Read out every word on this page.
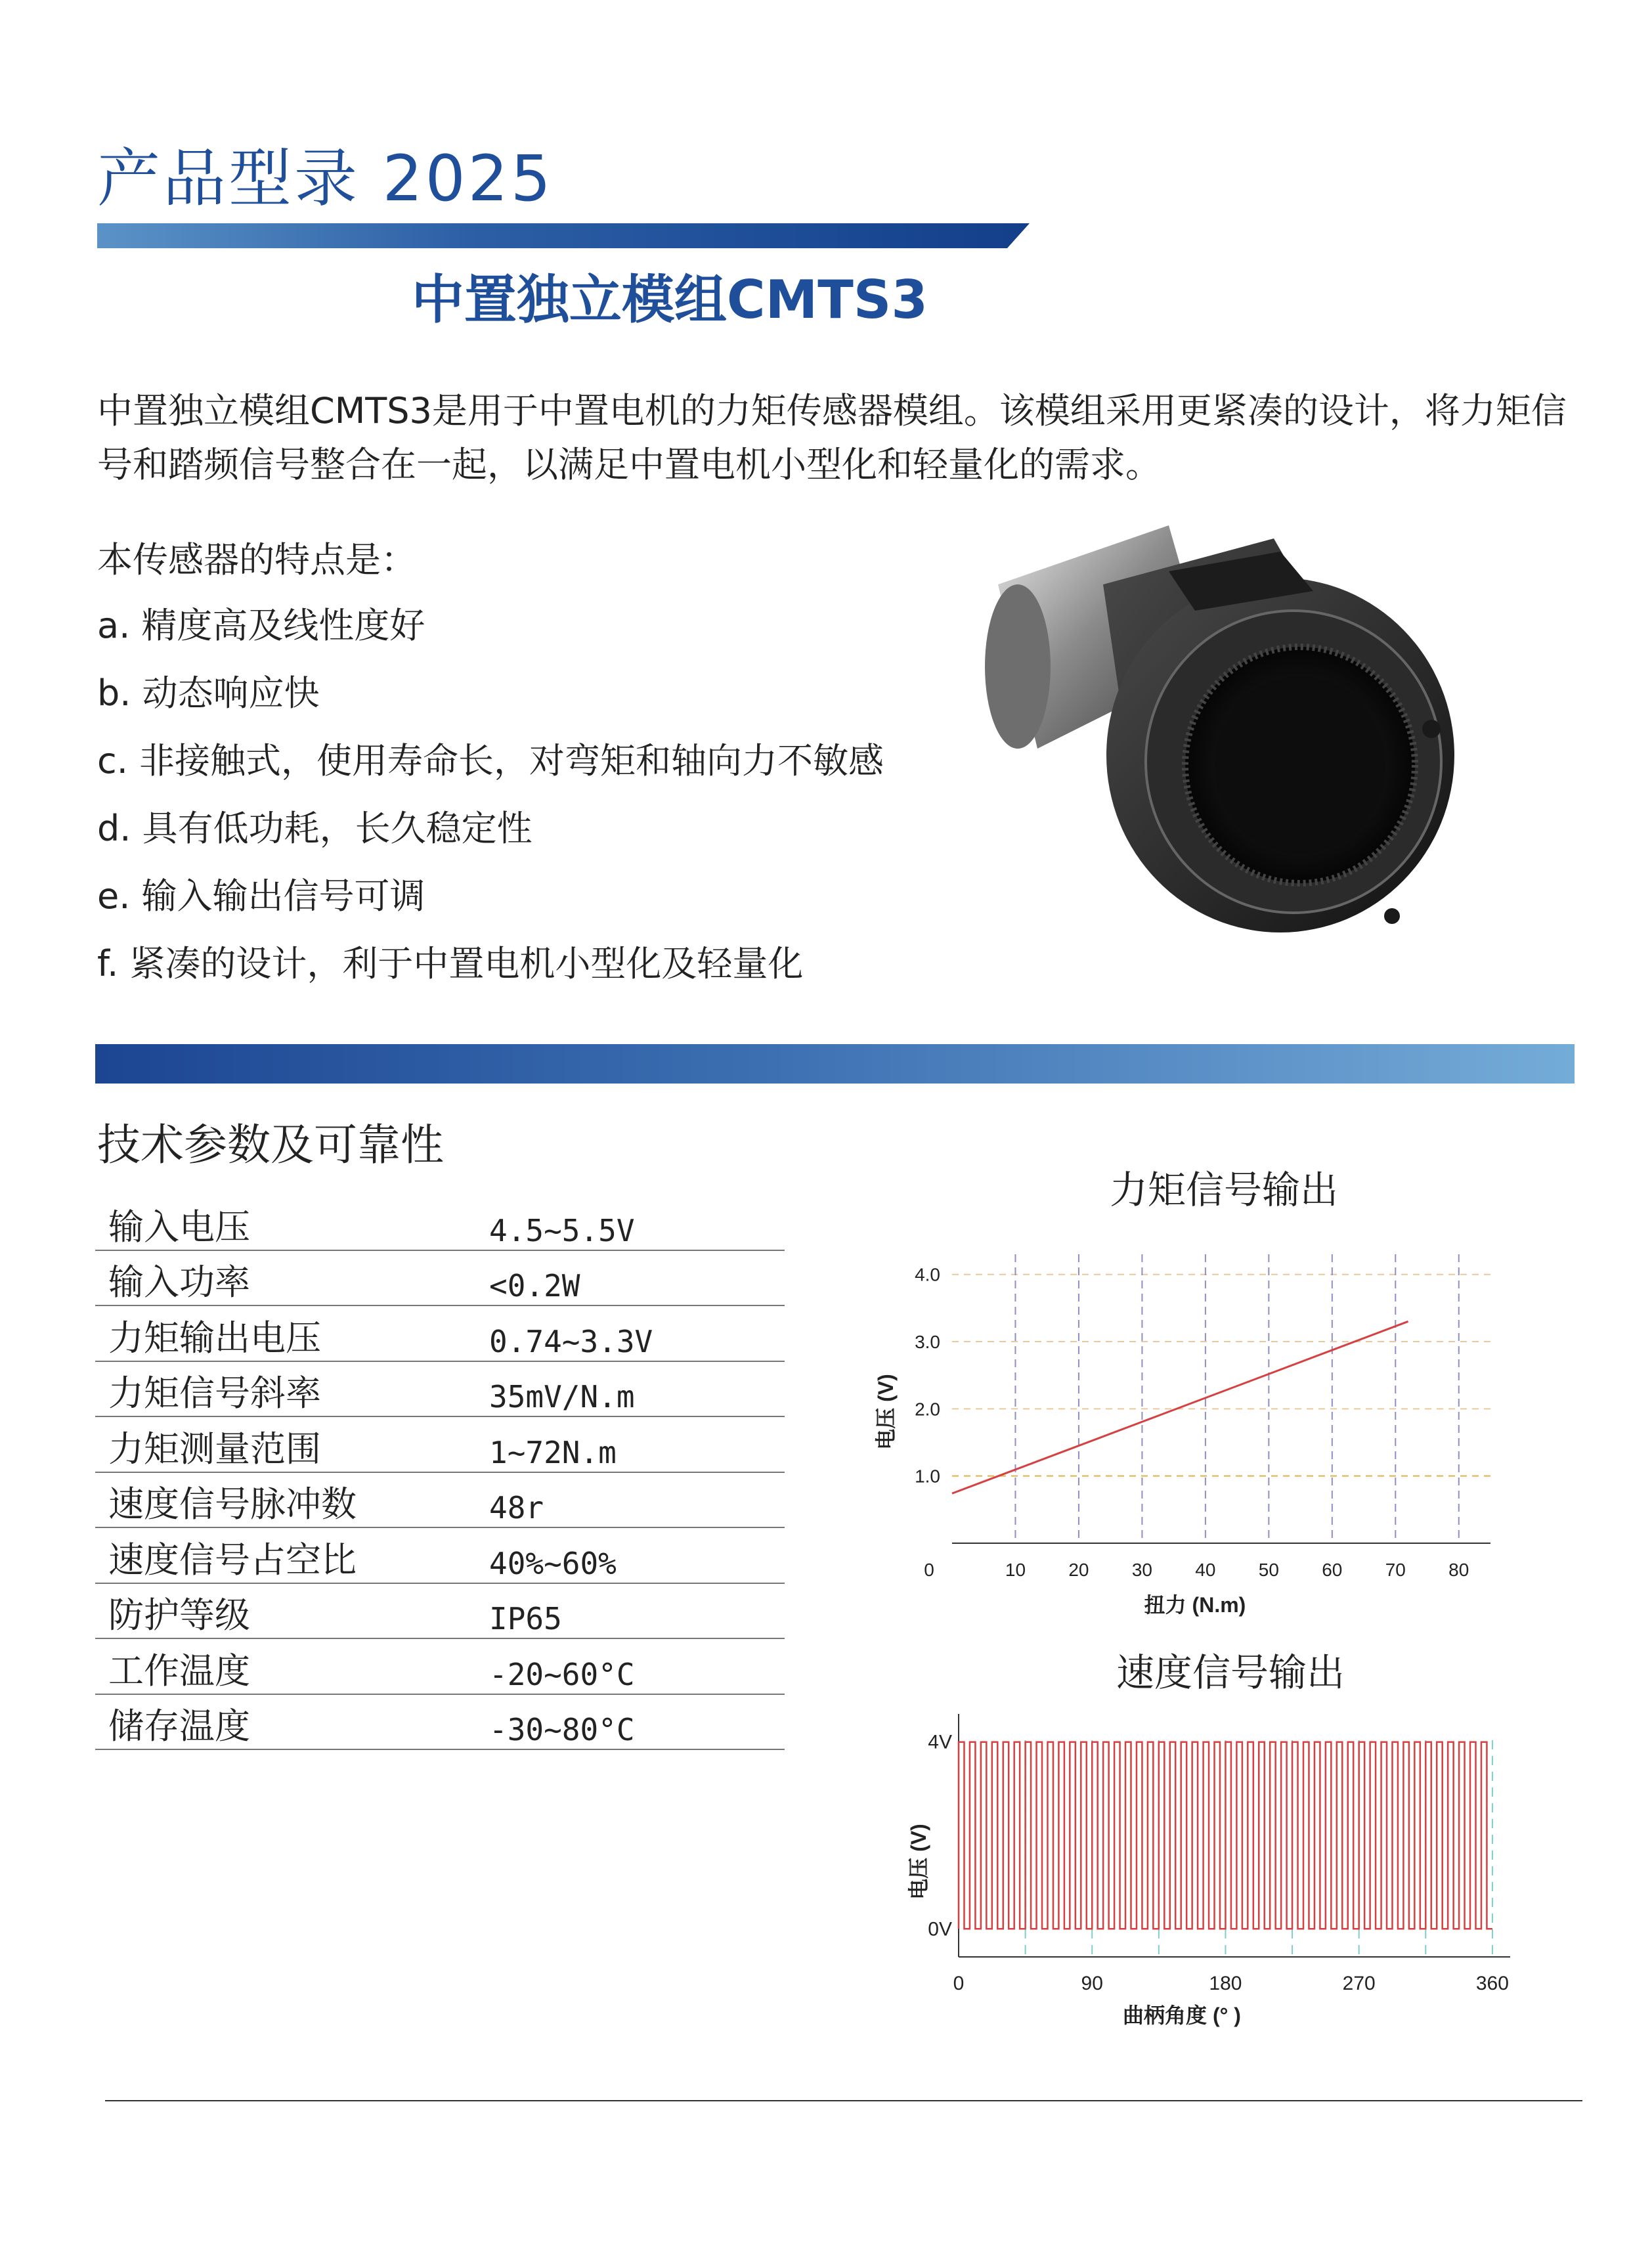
产品型录 2025
中置独立模组CMTS3
中置独立模组CMTS3是用于中置电机的力矩传感器模组。该模组采用更紧凑的设计，将力矩信号和踏频信号整合在一起，以满足中置电机小型化和轻量化的需求。
本传感器的特点是：
a. 精度高及线性度好
b. 动态响应快
c. 非接触式，使用寿命长，对弯矩和轴向力不敏感
d. 具有低功耗，长久稳定性
e. 输入输出信号可调
f. 紧凑的设计，利于中置电机小型化及轻量化
技术参数及可靠性
输入电压	4.5~5.5V
输入功率	<0.2W
力矩输出电压	0.74~3.3V
力矩信号斜率	35mV/N.m
力矩测量范围	1~72N.m
速度信号脉冲数	48r
速度信号占空比	40%~60%
防护等级	IP65
工作温度	-20~60°C
储存温度	-30~80°C
力矩信号输出
1.0
2.0
3.0
4.0
0	10 20 30 40 50 60 70 80
扭力 (N.m)
电压 (V)
速度信号输出
0V
4V
0	90	180	270	360
曲柄角度 (° )
电压 (V)
